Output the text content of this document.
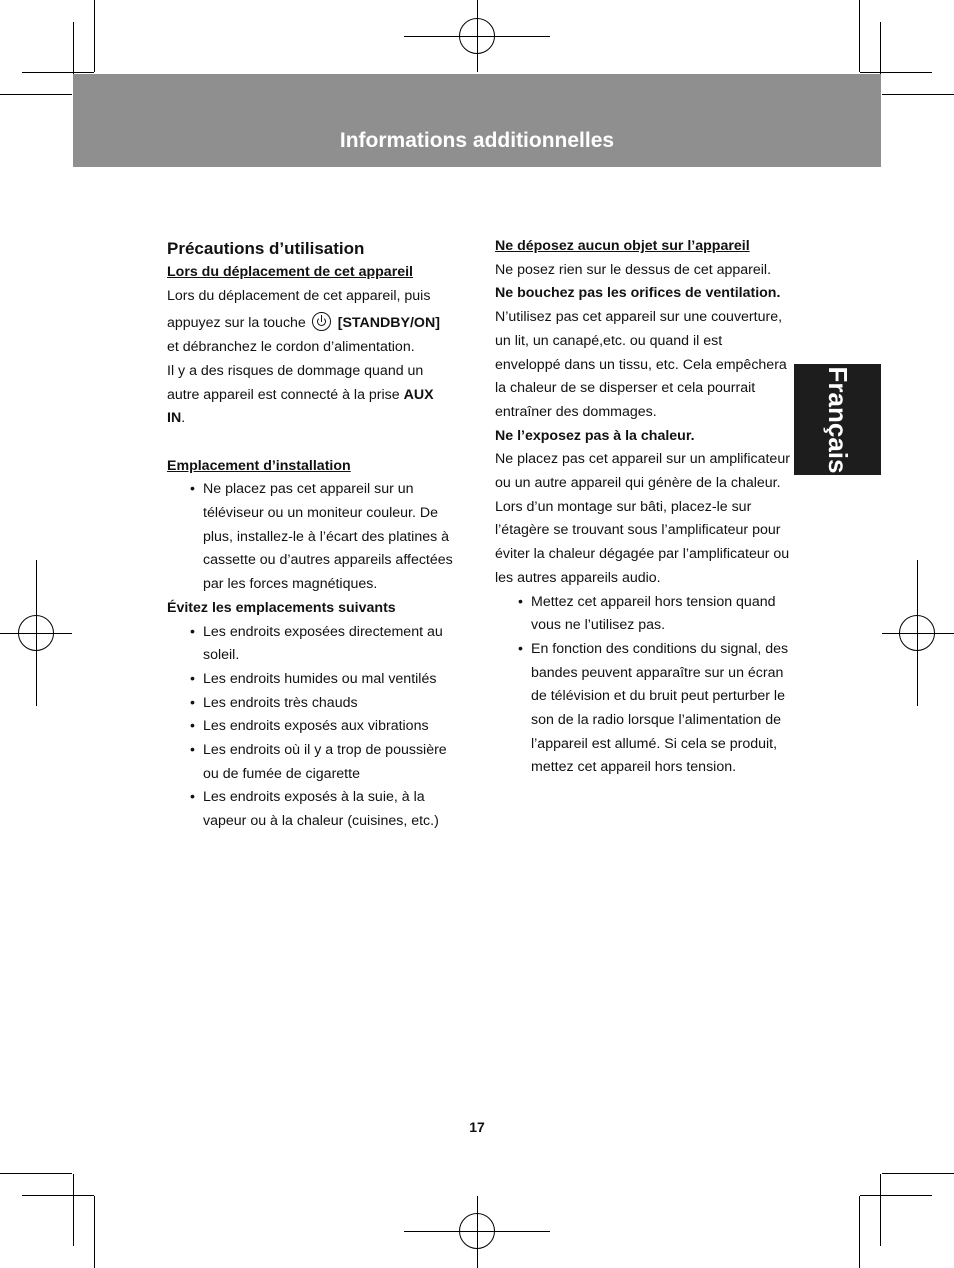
Informations additionnelles
Français

Précautions d’utilisation

Lors du déplacement de cet appareil

Lors du déplacement de cet appareil, puis

appuyez sur la touche [STANDBY/ON]

et débranchez le cordon d’alimentation.

Il y a des risques de dommage quand un

autre appareil est connecté à la prise AUX

IN.

Emplacement d’installation

• Ne placez pas cet appareil sur un téléviseur ou un moniteur couleur. De plus, installez-le à l’écart des platines à cassette ou d’autres appareils affectées par les forces magnétiques.

Évitez les emplacements suivants

• Les endroits exposées directement au soleil.
• Les endroits humides ou mal ventilés
• Les endroits très chauds
• Les endroits exposés aux vibrations
• Les endroits où il y a trop de poussière ou de fumée de cigarette
• Les endroits exposés à la suie, à la vapeur ou à la chaleur (cuisines, etc.)

Ne déposez aucun objet sur l’appareil

Ne posez rien sur le dessus de cet appareil.

Ne bouchez pas les orifices de ventilation.

N’utilisez pas cet appareil sur une couverture, un lit, un canapé,etc. ou quand il est enveloppé dans un tissu, etc. Cela empêchera la chaleur de se disperser et cela pourrait entraîner des dommages.

Ne l’exposez pas à la chaleur.

Ne placez pas cet appareil sur un amplificateur ou un autre appareil qui génère de la chaleur.

Lors d’un montage sur bâti, placez-le sur l’étagère se trouvant sous l’amplificateur pour éviter la chaleur dégagée par l’amplificateur ou les autres appareils audio.

• Mettez cet appareil hors tension quand vous ne l’utilisez pas.
• En fonction des conditions du signal, des bandes peuvent apparaître sur un écran de télévision et du bruit peut perturber le son de la radio lorsque l’alimentation de l’appareil est allumé. Si cela se produit, mettez cet appareil hors tension.
17
